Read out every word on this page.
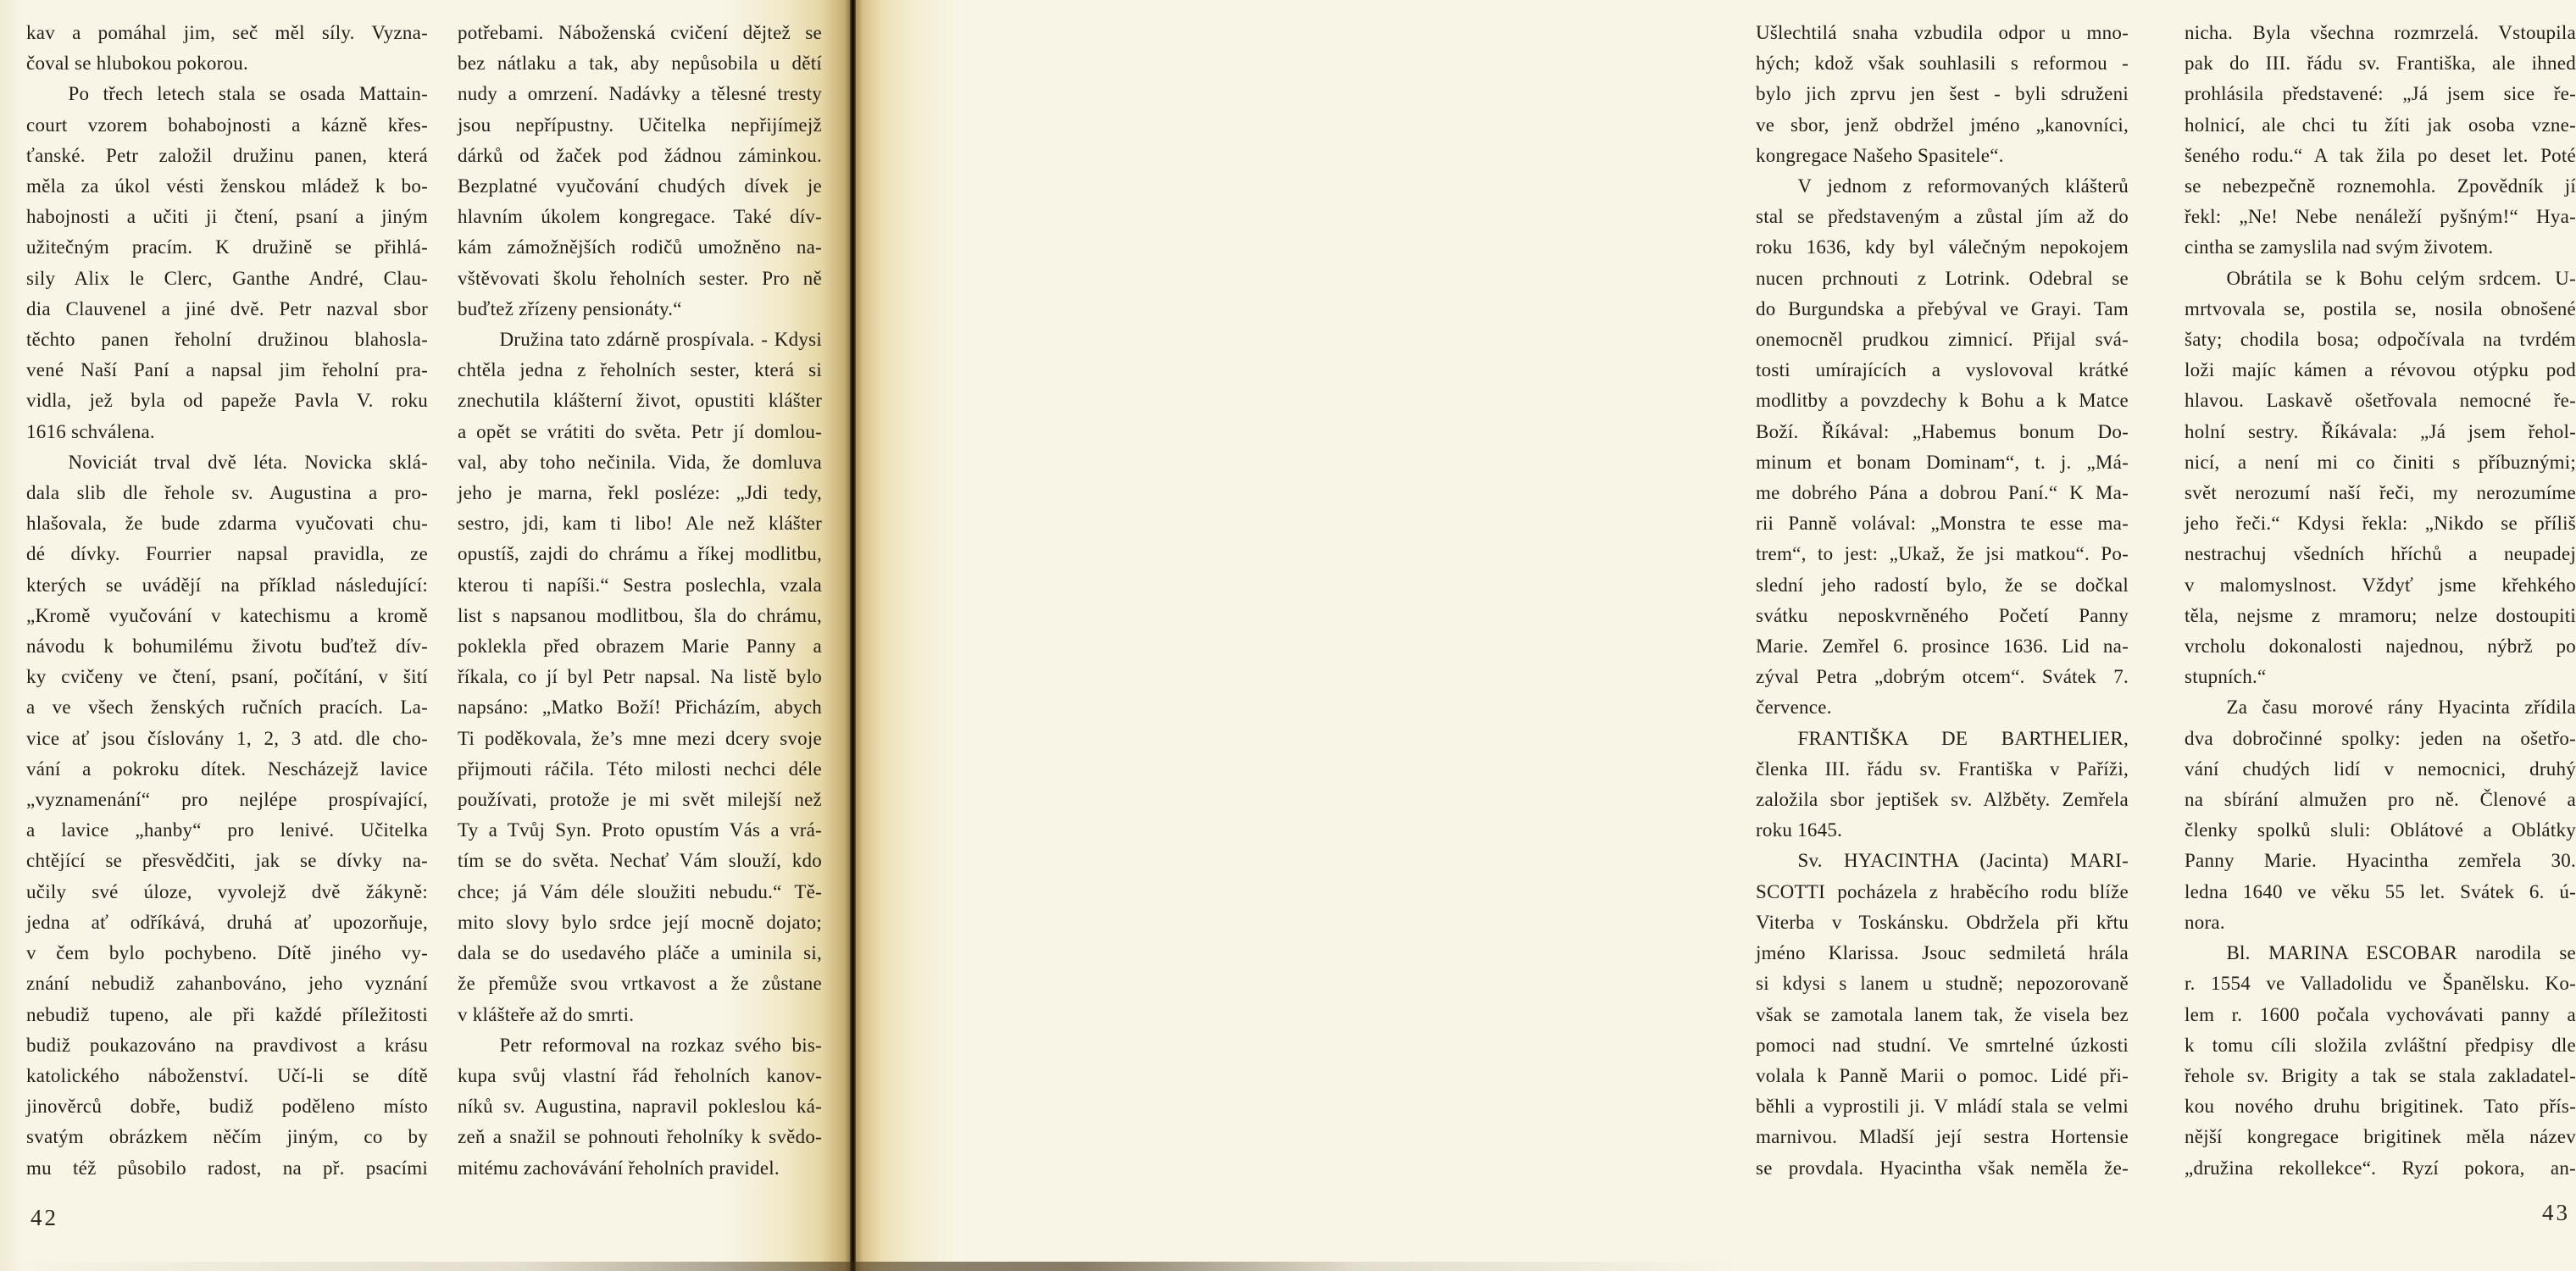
kav a pomáhal jim, seč měl síly. Vyzna-
čoval se hlubokou pokorou.
Po třech letech stala se osada Mattain-
court vzorem bohabojnosti a kázně křes-
ťanské. Petr založil družinu panen, která
měla za úkol vésti ženskou mládež k bo-
habojnosti a učiti ji čtení, psaní a jiným
užitečným pracím. K družině se přihlá-
sily Alix le Clerc, Ganthe André, Clau-
dia Clauvenel a jiné dvě. Petr nazval sbor
těchto panen řeholní družinou blahosla-
vené Naší Paní a napsal jim řeholní pra-
vidla, jež byla od papeže Pavla V. roku
1616 schválena.
Noviciát trval dvě léta. Novicka sklá-
dala slib dle řehole sv. Augustina a pro-
hlašovala, že bude zdarma vyučovati chu-
dé dívky. Fourrier napsal pravidla, ze
kterých se uvádějí na příklad následující:
„Kromě vyučování v katechismu a kromě
návodu k bohumilému životu buďtež dív-
ky cvičeny ve čtení, psaní, počítání, v šití
a ve všech ženských ručních pracích. La-
vice ať jsou číslovány 1, 2, 3 atd. dle cho-
vání a pokroku dítek. Nescházejž lavice
„vyznamenání“ pro nejlépe prospívající,
a lavice „hanby“ pro lenivé. Učitelka
chtějící se přesvědčiti, jak se dívky na-
učily své úloze, vyvolejž dvě žákyně:
jedna ať odříkává, druhá ať upozorňuje,
v čem bylo pochybeno. Dítě jiného vy-
znání nebudiž zahanbováno, jeho vyznání
nebudiž tupeno, ale při každé příležitosti
budiž poukazováno na pravdivost a krásu
katolického náboženství. Učí-li se dítě
jinověrců dobře, budiž poděleno místo
svatým obrázkem něčím jiným, co by
mu též působilo radost, na př. psacími
potřebami. Náboženská cvičení dějtež se
bez nátlaku a tak, aby nepůsobila u dětí
nudy a omrzení. Nadávky a tělesné tresty
jsou nepřípustny. Učitelka nepřijímejž
dárků od žaček pod žádnou záminkou.
Bezplatné vyučování chudých dívek je
hlavním úkolem kongregace. Také dív-
kám zámožnějších rodičů umožněno na-
vštěvovati školu řeholních sester. Pro ně
buďtež zřízeny pensionáty.“
Družina tato zdárně prospívala. - Kdysi
chtěla jedna z řeholních sester, která si
znechutila klášterní život, opustiti klášter
a opět se vrátiti do světa. Petr jí domlou-
val, aby toho nečinila. Vida, že domluva
jeho je marna, řekl posléze: „Jdi tedy,
sestro, jdi, kam ti libo! Ale než klášter
opustíš, zajdi do chrámu a říkej modlitbu,
kterou ti napíši.“ Sestra poslechla, vzala
list s napsanou modlitbou, šla do chrámu,
poklekla před obrazem Marie Panny a
říkala, co jí byl Petr napsal. Na listě bylo
napsáno: „Matko Boží! Přicházím, abych
Ti poděkovala, že’s mne mezi dcery svoje
přijmouti ráčila. Této milosti nechci déle
používati, protože je mi svět milejší než
Ty a Tvůj Syn. Proto opustím Vás a vrá-
tím se do světa. Nechať Vám slouží, kdo
chce; já Vám déle sloužiti nebudu.“ Tě-
mito slovy bylo srdce její mocně dojato;
dala se do usedavého pláče a uminila si,
že přemůže svou vrtkavost a že zůstane
v klášteře až do smrti.
Petr reformoval na rozkaz svého bis-
kupa svůj vlastní řád řeholních kanov-
níků sv. Augustina, napravil pokleslou ká-
zeň a snažil se pohnouti řeholníky k svědo-
mitému zachovávání řeholních pravidel.
42
Ušlechtilá snaha vzbudila odpor u mno-
hých; kdož však souhlasili s reformou -
bylo jich zprvu jen šest - byli sdruženi
ve sbor, jenž obdržel jméno „kanovníci,
kongregace Našeho Spasitele“.
V jednom z reformovaných klášterů
stal se představeným a zůstal jím až do
roku 1636, kdy byl válečným nepokojem
nucen prchnouti z Lotrink. Odebral se
do Burgundska a přebýval ve Grayi. Tam
onemocněl prudkou zimnicí. Přijal svá-
tosti umírajících a vyslovoval krátké
modlitby a povzdechy k Bohu a k Matce
Boží. Říkával: „Habemus bonum Do-
minum et bonam Dominam“, t. j. „Má-
me dobrého Pána a dobrou Paní.“ K Ma-
rii Panně volával: „Monstra te esse ma-
trem“, to jest: „Ukaž, že jsi matkou“. Po-
slední jeho radostí bylo, že se dočkal
svátku neposkvrněného Početí Panny
Marie. Zemřel 6. prosince 1636. Lid na-
zýval Petra „dobrým otcem“. Svátek 7.
července.
FRANTIŠKA DE BARTHELIER,
členka III. řádu sv. Františka v Paříži,
založila sbor jeptišek sv. Alžběty. Zemřela
roku 1645.
Sv. HYACINTHA (Jacinta) MARI-
SCOTTI pocházela z hraběcího rodu blíže
Viterba v Toskánsku. Obdržela při křtu
jméno Klarissa. Jsouc sedmiletá hrála
si kdysi s lanem u studně; nepozorovaně
však se zamotala lanem tak, že visela bez
pomoci nad studní. Ve smrtelné úzkosti
volala k Panně Marii o pomoc. Lidé při-
běhli a vyprostili ji. V mládí stala se velmi
marnivou. Mladší její sestra Hortensie
se provdala. Hyacintha však neměla že-
nicha. Byla všechna rozmrzelá. Vstoupila
pak do III. řádu sv. Františka, ale ihned
prohlásila představené: „Já jsem sice ře-
holnicí, ale chci tu žíti jak osoba vzne-
šeného rodu.“ A tak žila po deset let. Poté
se nebezpečně roznemohla. Zpovědník jí
řekl: „Ne! Nebe nenáleží pyšným!“ Hya-
cintha se zamyslila nad svým životem.
Obrátila se k Bohu celým srdcem. U-
mrtvovala se, postila se, nosila obnošené
šaty; chodila bosa; odpočívala na tvrdém
loži majíc kámen a révovou otýpku pod
hlavou. Laskavě ošetřovala nemocné ře-
holní sestry. Říkávala: „Já jsem řehol-
nicí, a není mi co činiti s příbuznými;
svět nerozumí naší řeči, my nerozumíme
jeho řeči.“ Kdysi řekla: „Nikdo se příliš
nestrachuj všedních hříchů a neupadej
v malomyslnost. Vždyť jsme křehkého
těla, nejsme z mramoru; nelze dostoupiti
vrcholu dokonalosti najednou, nýbrž po
stupních.“
Za času morové rány Hyacinta zřídila
dva dobročinné spolky: jeden na ošetřo-
vání chudých lidí v nemocnici, druhý
na sbírání almužen pro ně. Členové a
členky spolků sluli: Oblátové a Oblátky
Panny Marie. Hyacintha zemřela 30.
ledna 1640 ve věku 55 let. Svátek 6. ú-
nora.
Bl. MARINA ESCOBAR narodila se
r. 1554 ve Valladolidu ve Španělsku. Ko-
lem r. 1600 počala vychovávati panny a
k tomu cíli složila zvláštní předpisy dle
řehole sv. Brigity a tak se stala zakladatel-
kou nového druhu brigitinek. Tato přís-
nější kongregace brigitinek měla název
„družina rekollekce“. Ryzí pokora, an-
43
